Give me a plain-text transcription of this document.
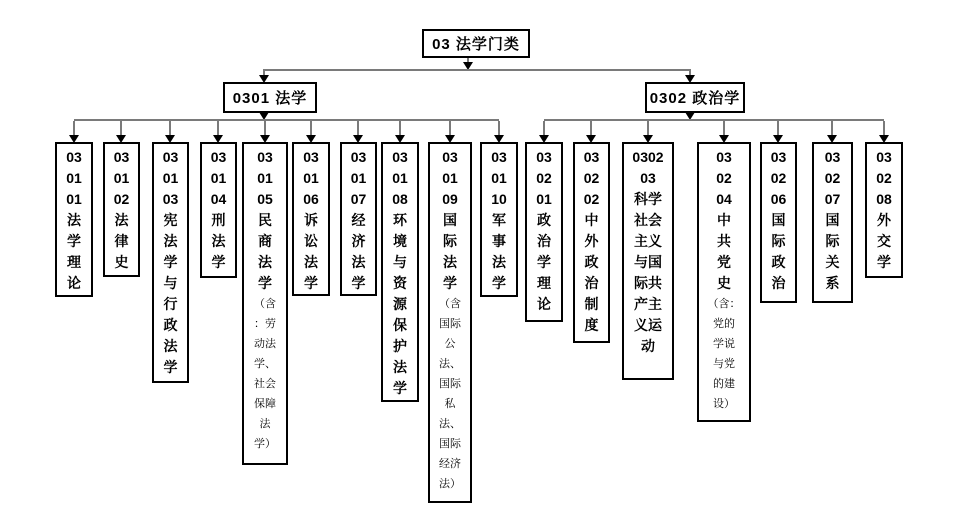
03 法学门类
0301 法学	0302 政治学
03
01
01
法
学
理
论
03
01
02
法
律
史
03
01
03
宪
法
学
与
行
政
法
学
03
01
04
刑
法
学
03
01
05
民
商
法
学
（含
：劳
动法
学、
社会
保障
法
学）
03
01
06
诉
讼
法
学
03
01
07
经
济
法
学
03
01
08
环
境
与
资
源
保
护
法
学
03
01
09
国
际
法
学
（含
国际
公
法、
国际
私
法、
国际
经济
法）
03
01
10
军
事
法
学
03
02
01
政
治
学
理
论
03
02
02
中
外
政
治
制
度
0302
03
科学
社会
主义
与国
际共
产主
义运
动
03
02
04
中
共
党
史
（含：
党的
学说
与党
的建
设）
03
02
06
国
际
政
治
03
02
07
国
际
关
系
03
02
08
外
交
学
